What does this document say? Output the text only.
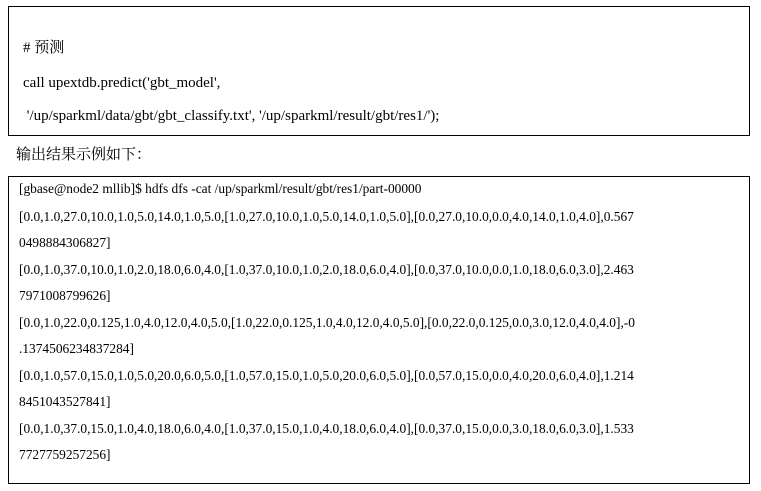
# 预测
call upextdb.predict('gbt_model',
'/up/sparkml/data/gbt/gbt_classify.txt', '/up/sparkml/result/gbt/res1/');
输出结果示例如下：
[gbase@node2 mllib]$ hdfs dfs -cat /up/sparkml/result/gbt/res1/part-00000
[0.0,1.0,27.0,10.0,1.0,5.0,14.0,1.0,5.0,[1.0,27.0,10.0,1.0,5.0,14.0,1.0,5.0],[0.0,27.0,10.0,0.0,4.0,14.0,1.0,4.0],0.567
0498884306827]
[0.0,1.0,37.0,10.0,1.0,2.0,18.0,6.0,4.0,[1.0,37.0,10.0,1.0,2.0,18.0,6.0,4.0],[0.0,37.0,10.0,0.0,1.0,18.0,6.0,3.0],2.463
7971008799626]
[0.0,1.0,22.0,0.125,1.0,4.0,12.0,4.0,5.0,[1.0,22.0,0.125,1.0,4.0,12.0,4.0,5.0],[0.0,22.0,0.125,0.0,3.0,12.0,4.0,4.0],-0
.1374506234837284]
[0.0,1.0,57.0,15.0,1.0,5.0,20.0,6.0,5.0,[1.0,57.0,15.0,1.0,5.0,20.0,6.0,5.0],[0.0,57.0,15.0,0.0,4.0,20.0,6.0,4.0],1.214
8451043527841]
[0.0,1.0,37.0,15.0,1.0,4.0,18.0,6.0,4.0,[1.0,37.0,15.0,1.0,4.0,18.0,6.0,4.0],[0.0,37.0,15.0,0.0,3.0,18.0,6.0,3.0],1.533
7727759257256]
